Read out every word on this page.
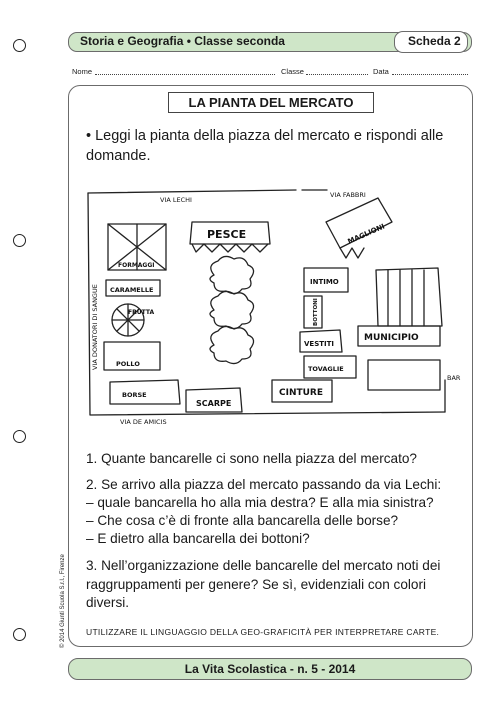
Storia e Geografia • Classe seconda	Scheda 2
Nome	Classe	Data
LA PIANTA DEL MERCATO
• Leggi la pianta della piazza del mercato e rispondi alle domande.
VIA LECHI
VIA FABBRI
VIA DE AMICIS
BAR
VIA DONATORI DI SANGUE
PESCE
FORMAGGI
CARAMELLE
FRUTTA
POLLO
BORSE
SCARPE
CINTURE
INTIMO
BOTTONI
VESTITI
TOVAGLIE
MAGLIONI
MUNICIPIO
1. Quante bancarelle ci sono nella piazza del mercato?
2. Se arrivo alla piazza del mercato passando da via Lechi:
– quale bancarella ho alla mia destra? E alla mia sinistra?
– Che cosa c’è di fronte alla bancarella delle borse?
– E dietro alla bancarella dei bottoni?
3. Nell’organizzazione delle bancarelle del mercato noti dei raggruppamenti per genere? Se sì, evidenziali con colori diversi.
UTILIZZARE IL LINGUAGGIO DELLA GEO-GRAFICITÀ PER INTERPRETARE CARTE.
© 2014 Giunti Scuola S.r.l., Firenze
La Vita Scolastica - n. 5 - 2014
